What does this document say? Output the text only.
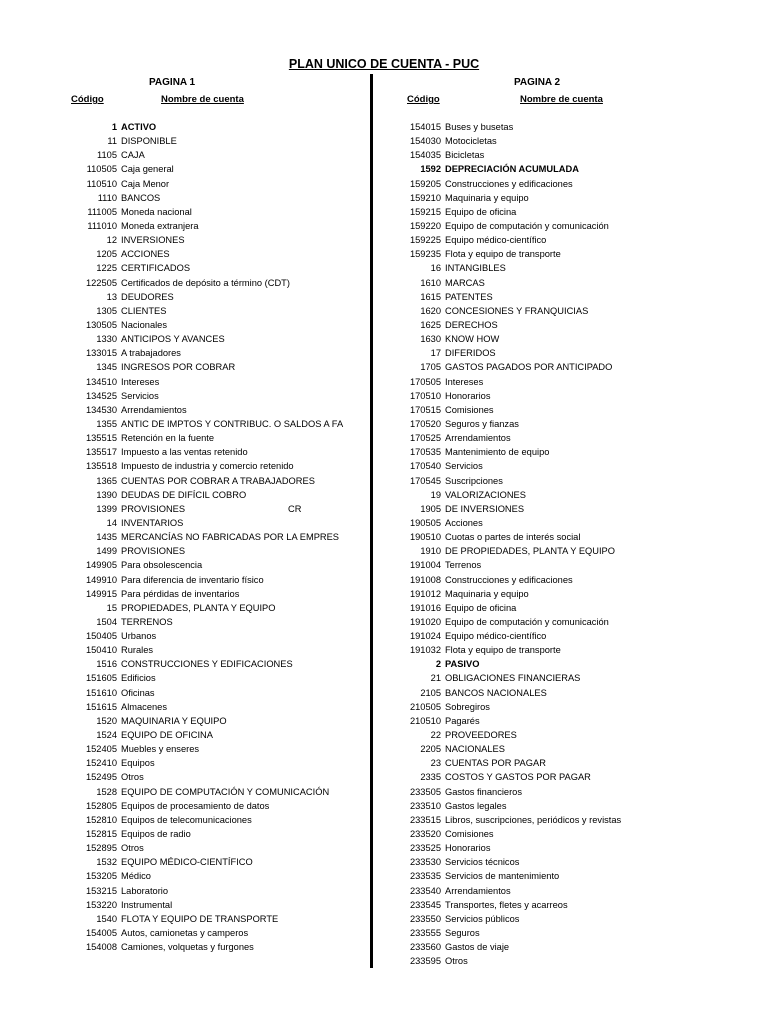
PLAN UNICO DE CUENTA - PUC
PAGINA 1
Código	Nombre de cuenta
1 ACTIVO
11 DISPONIBLE
1105 CAJA
110505 Caja general
110510 Caja Menor
1110 BANCOS
111005 Moneda nacional
111010 Moneda extranjera
12 INVERSIONES
1205 ACCIONES
1225 CERTIFICADOS
122505 Certificados de depósito a término (CDT)
13 DEUDORES
1305 CLIENTES
130505 Nacionales
1330 ANTICIPOS Y AVANCES
133015 A trabajadores
1345 INGRESOS POR COBRAR
134510 Intereses
134525 Servicios
134530 Arrendamientos
1355 ANTIC DE IMPTOS Y CONTRIBUC. O SALDOS A FA
135515 Retención en la fuente
135517 Impuesto a las ventas retenido
135518 Impuesto de industria y comercio retenido
1365 CUENTAS POR COBRAR A TRABAJADORES
1390 DEUDAS DE DIFÍCIL COBRO
1399 PROVISIONES	CR
14 INVENTARIOS
1435 MERCANCÍAS NO FABRICADAS POR LA EMPRES
1499 PROVISIONES
149905 Para obsolescencia
149910 Para diferencia de inventario físico
149915 Para pérdidas de inventarios
15 PROPIEDADES, PLANTA Y EQUIPO
1504 TERRENOS
150405 Urbanos
150410 Rurales
1516 CONSTRUCCIONES Y EDIFICACIONES
151605 Edificios
151610 Oficinas
151615 Almacenes
1520 MAQUINARIA Y EQUIPO
1524 EQUIPO DE OFICINA
152405 Muebles y enseres
152410 Equipos
152495 Otros
1528 EQUIPO DE COMPUTACIÓN Y COMUNICACIÓN
152805 Equipos de procesamiento de datos
152810 Equipos de telecomunicaciones
152815 Equipos de radio
152895 Otros
1532 EQUIPO MÉDICO-CIENTÍFICO
153205 Médico
153215 Laboratorio
153220 Instrumental
1540 FLOTA Y EQUIPO DE TRANSPORTE
154005 Autos, camionetas y camperos
154008 Camiones, volquetas y furgones
PAGINA 2
Código	Nombre de cuenta
154015 Buses y busetas
154030 Motocicletas
154035 Bicicletas
1592 DEPRECIACIÓN ACUMULADA
159205 Construcciones y edificaciones
159210 Maquinaria y equipo
159215 Equipo de oficina
159220 Equipo de computación y comunicación
159225 Equipo médico-científico
159235 Flota y equipo de transporte
16 INTANGIBLES
1610 MARCAS
1615 PATENTES
1620 CONCESIONES Y FRANQUICIAS
1625 DERECHOS
1630 KNOW HOW
17 DIFERIDOS
1705 GASTOS PAGADOS POR ANTICIPADO
170505 Intereses
170510 Honorarios
170515 Comisiones
170520 Seguros y fianzas
170525 Arrendamientos
170535 Mantenimiento de equipo
170540 Servicios
170545 Suscripciones
19 VALORIZACIONES
1905 DE INVERSIONES
190505 Acciones
190510 Cuotas o partes de interés social
1910 DE PROPIEDADES, PLANTA Y EQUIPO
191004 Terrenos
191008 Construcciones y edificaciones
191012 Maquinaria y equipo
191016 Equipo de oficina
191020 Equipo de computación y comunicación
191024 Equipo médico-científico
191032 Flota y equipo de transporte
2 PASIVO
21 OBLIGACIONES FINANCIERAS
2105 BANCOS NACIONALES
210505 Sobregiros
210510 Pagarés
22 PROVEEDORES
2205 NACIONALES
23 CUENTAS POR PAGAR
2335 COSTOS Y GASTOS POR PAGAR
233505 Gastos financieros
233510 Gastos legales
233515 Libros, suscripciones, periódicos y revistas
233520 Comisiones
233525 Honorarios
233530 Servicios técnicos
233535 Servicios de mantenimiento
233540 Arrendamientos
233545 Transportes, fletes y acarreos
233550 Servicios públicos
233555 Seguros
233560 Gastos de viaje
233595 Otros
